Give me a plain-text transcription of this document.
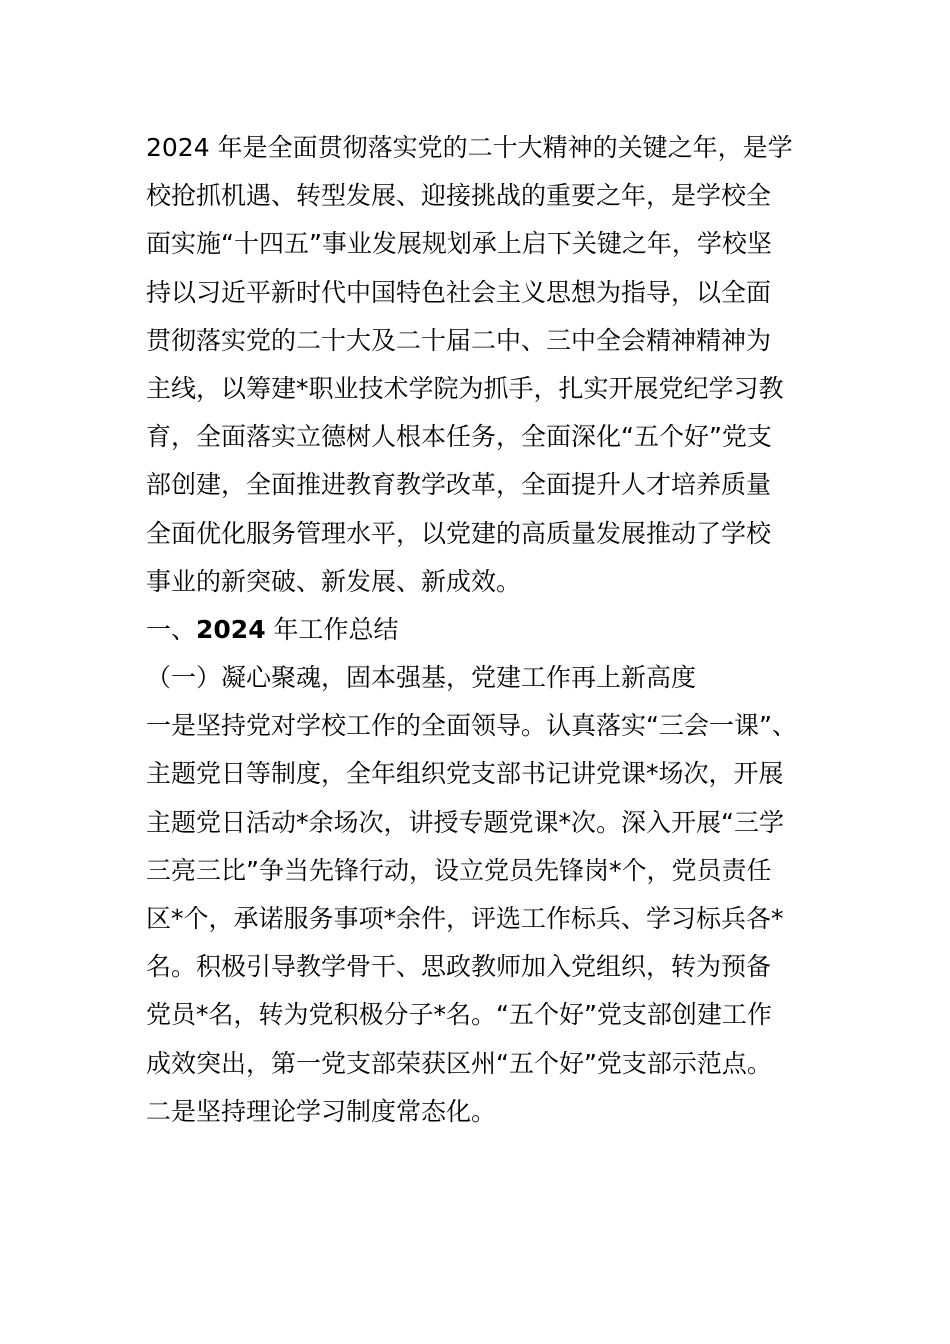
2024 年是全面贯彻落实党的二十大精神的关键之年，是学
校抢抓机遇、转型发展、迎接挑战的重要之年，是学校全
面实施“十四五”事业发展规划承上启下关键之年，学校坚
持以习近平新时代中国特色社会主义思想为指导，以全面
贯彻落实党的二十大及二十届二中、三中全会精神精神为
主线，以筹建*职业技术学院为抓手，扎实开展党纪学习教
育，全面落实立德树人根本任务，全面深化“五个好”党支
部创建，全面推进教育教学改革，全面提升人才培养质量
全面优化服务管理水平，以党建的高质量发展推动了学校
事业的新突破、新发展、新成效。
一、2024 年工作总结
（一）凝心聚魂，固本强基，党建工作再上新高度
一是坚持党对学校工作的全面领导。认真落实“三会一课”、
主题党日等制度，全年组织党支部书记讲党课*场次，开展
主题党日活动*余场次，讲授专题党课*次。深入开展“三学
三亮三比”争当先锋行动，设立党员先锋岗*个，党员责任
区*个，承诺服务事项*余件，评选工作标兵、学习标兵各*
名。积极引导教学骨干、思政教师加入党组织，转为预备
党员*名，转为党积极分子*名。“五个好”党支部创建工作
成效突出，第一党支部荣获区州“五个好”党支部示范点。
二是坚持理论学习制度常态化。
